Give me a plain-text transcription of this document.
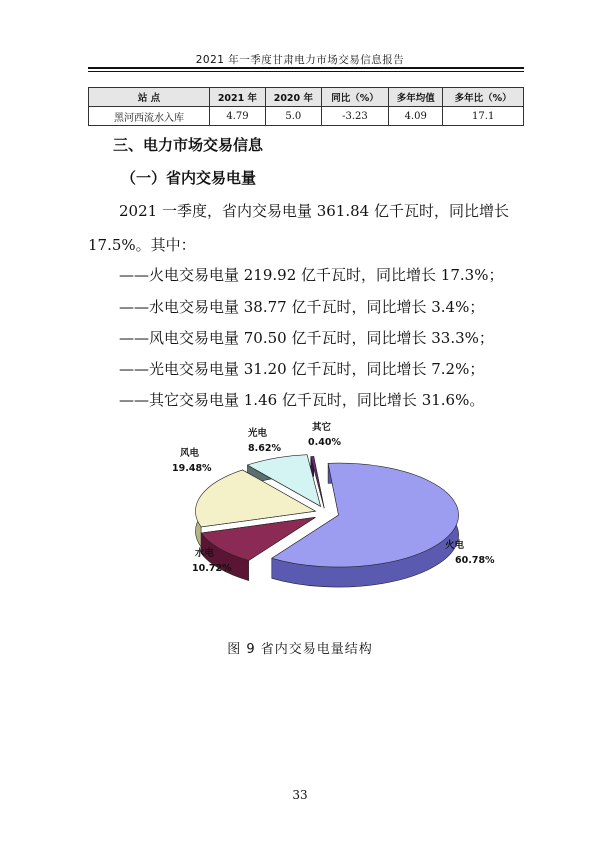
2021 年一季度甘肃电力市场交易信息报告
站 点	2021 年	2020 年	同比（%）	多年均值	多年比（%）
黑河西流水入库	4.79	5.0	-3.23	4.09	17.1
三、电力市场交易信息
（一）省内交易电量
2021 一季度，省内交易电量 361.84 亿千瓦时，同比增长
17.5%。其中：
——火电交易电量 219.92 亿千瓦时，同比增长 17.3%；
——水电交易电量 38.77 亿千瓦时，同比增长 3.4%；
——风电交易电量 70.50 亿千瓦时，同比增长 33.3%；
——光电交易电量 31.20 亿千瓦时，同比增长 7.2%；
——其它交易电量 1.46 亿千瓦时，同比增长 31.6%。
火电
60.78%
水电
10.72%
风电
19.48%
光电
8.62%
其它
0.40%
图 9 省内交易电量结构
33
